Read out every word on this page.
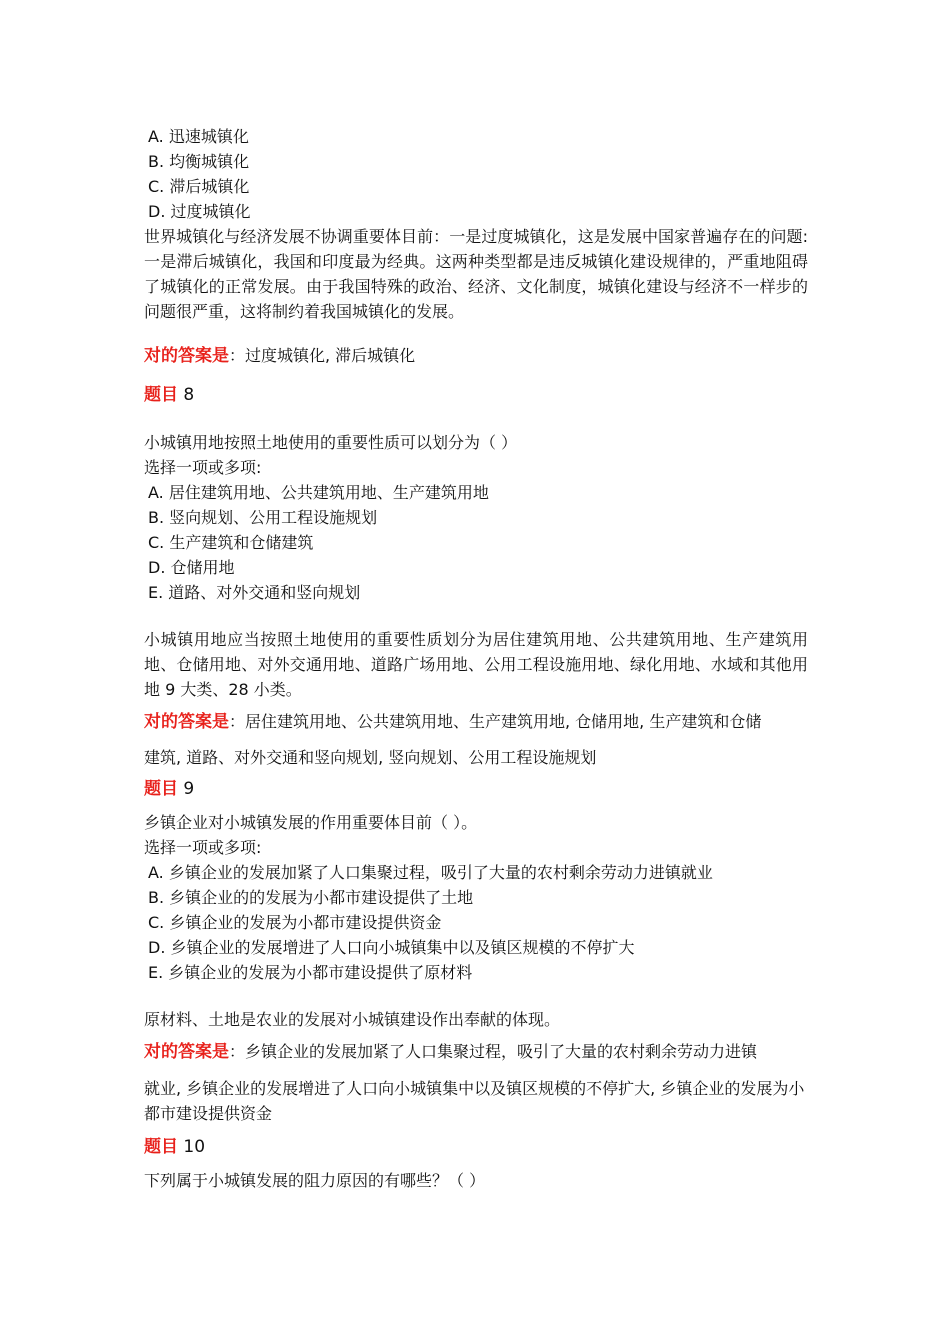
A. 迅速城镇化
B. 均衡城镇化
C. 滞后城镇化
D. 过度城镇化

世界城镇化与经济发展不协调重要体目前：一是过度城镇化，这是发展中国家普遍存在的问题:一是滞后城镇化，我国和印度最为经典。这两种类型都是违反城镇化建设规律的，严重地阻碍了城镇化的正常发展。由于我国特殊的政治、经济、文化制度，城镇化建设与经济不一样步的问题很严重，这将制约着我国城镇化的发展。

对的答案是：过度城镇化, 滞后城镇化

题目 8

小城镇用地按照土地使用的重要性质可以划分为（ ）

选择一项或多项:

A. 居住建筑用地、公共建筑用地、生产建筑用地
B. 竖向规划、公用工程设施规划
C. 生产建筑和仓储建筑
D. 仓储用地
E. 道路、对外交通和竖向规划

小城镇用地应当按照土地使用的重要性质划分为居住建筑用地、公共建筑用地、生产建筑用地、仓储用地、对外交通用地、道路广场用地、公用工程设施用地、绿化用地、水域和其他用地 9 大类、28 小类。

对的答案是：居住建筑用地、公共建筑用地、生产建筑用地, 仓储用地, 生产建筑和仓储

建筑, 道路、对外交通和竖向规划, 竖向规划、公用工程设施规划

题目 9

乡镇企业对小城镇发展的作用重要体目前（ ）。

选择一项或多项:

A. 乡镇企业的发展加紧了人口集聚过程，吸引了大量的农村剩余劳动力进镇就业
B. 乡镇企业的的发展为小都市建设提供了土地
C. 乡镇企业的发展为小都市建设提供资金
D. 乡镇企业的发展增进了人口向小城镇集中以及镇区规模的不停扩大
E. 乡镇企业的发展为小都市建设提供了原材料

原材料、土地是农业的发展对小城镇建设作出奉献的体现。

对的答案是：乡镇企业的发展加紧了人口集聚过程，吸引了大量的农村剩余劳动力进镇

就业, 乡镇企业的发展增进了人口向小城镇集中以及镇区规模的不停扩大, 乡镇企业的发展为小都市建设提供资金

题目 10

下列属于小城镇发展的阻力原因的有哪些？（ ）
